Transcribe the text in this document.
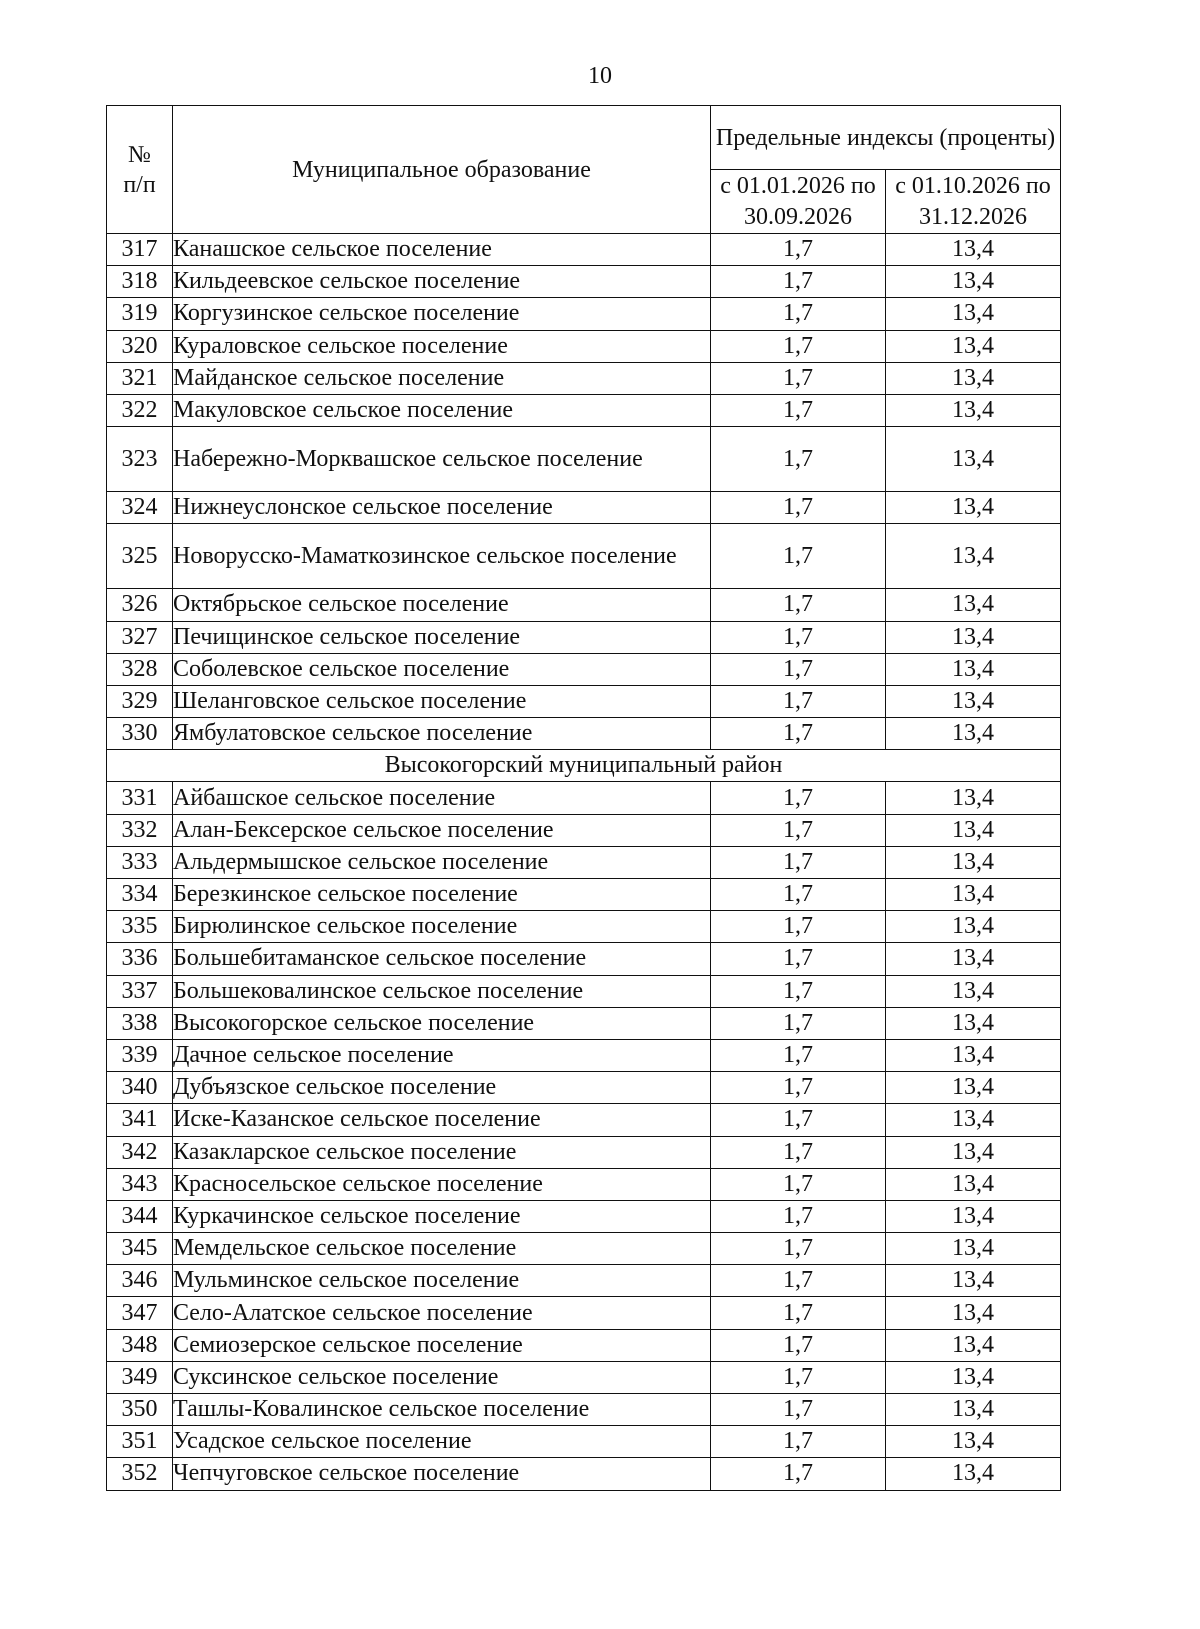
10
№
п/п	Муниципальное образование	Предельные индексы (проценты)	
		с 01.01.2026 по 30.09.2026	с 01.10.2026 по 31.12.2026
317	Канашское сельское поселение	1,7	13,4
318	Кильдеевское сельское поселение	1,7	13,4
319	Коргузинское сельское поселение	1,7	13,4
320	Кураловское сельское поселение	1,7	13,4
321	Майданское сельское поселение	1,7	13,4
322	Макуловское сельское поселение	1,7	13,4
323	Набережно-Морквашское сельское поселение	1,7	13,4
324	Нижнеуслонское сельское поселение	1,7	13,4
325	Новорусско-Маматкозинское сельское поселение	1,7	13,4
326	Октябрьское сельское поселение	1,7	13,4
327	Печищинское сельское поселение	1,7	13,4
328	Соболевское сельское поселение	1,7	13,4
329	Шеланговское сельское поселение	1,7	13,4
330	Ямбулатовское сельское поселение	1,7	13,4
Высокогорский муниципальный район			
331	Айбашское сельское поселение	1,7	13,4
332	Алан-Бексерское сельское поселение	1,7	13,4
333	Альдермышское сельское поселение	1,7	13,4
334	Березкинское сельское поселение	1,7	13,4
335	Бирюлинское сельское поселение	1,7	13,4
336	Большебитаманское сельское поселение	1,7	13,4
337	Большековалинское сельское поселение	1,7	13,4
338	Высокогорское сельское поселение	1,7	13,4
339	Дачное сельское поселение	1,7	13,4
340	Дубъязское сельское поселение	1,7	13,4
341	Иске-Казанское сельское поселение	1,7	13,4
342	Казакларское сельское поселение	1,7	13,4
343	Красносельское сельское поселение	1,7	13,4
344	Куркачинское сельское поселение	1,7	13,4
345	Мемдельское сельское поселение	1,7	13,4
346	Мульминское сельское поселение	1,7	13,4
347	Село-Алатское сельское поселение	1,7	13,4
348	Семиозерское сельское поселение	1,7	13,4
349	Суксинское сельское поселение	1,7	13,4
350	Ташлы-Ковалинское сельское поселение	1,7	13,4
351	Усадское сельское поселение	1,7	13,4
352	Чепчуговское сельское поселение	1,7	13,4
